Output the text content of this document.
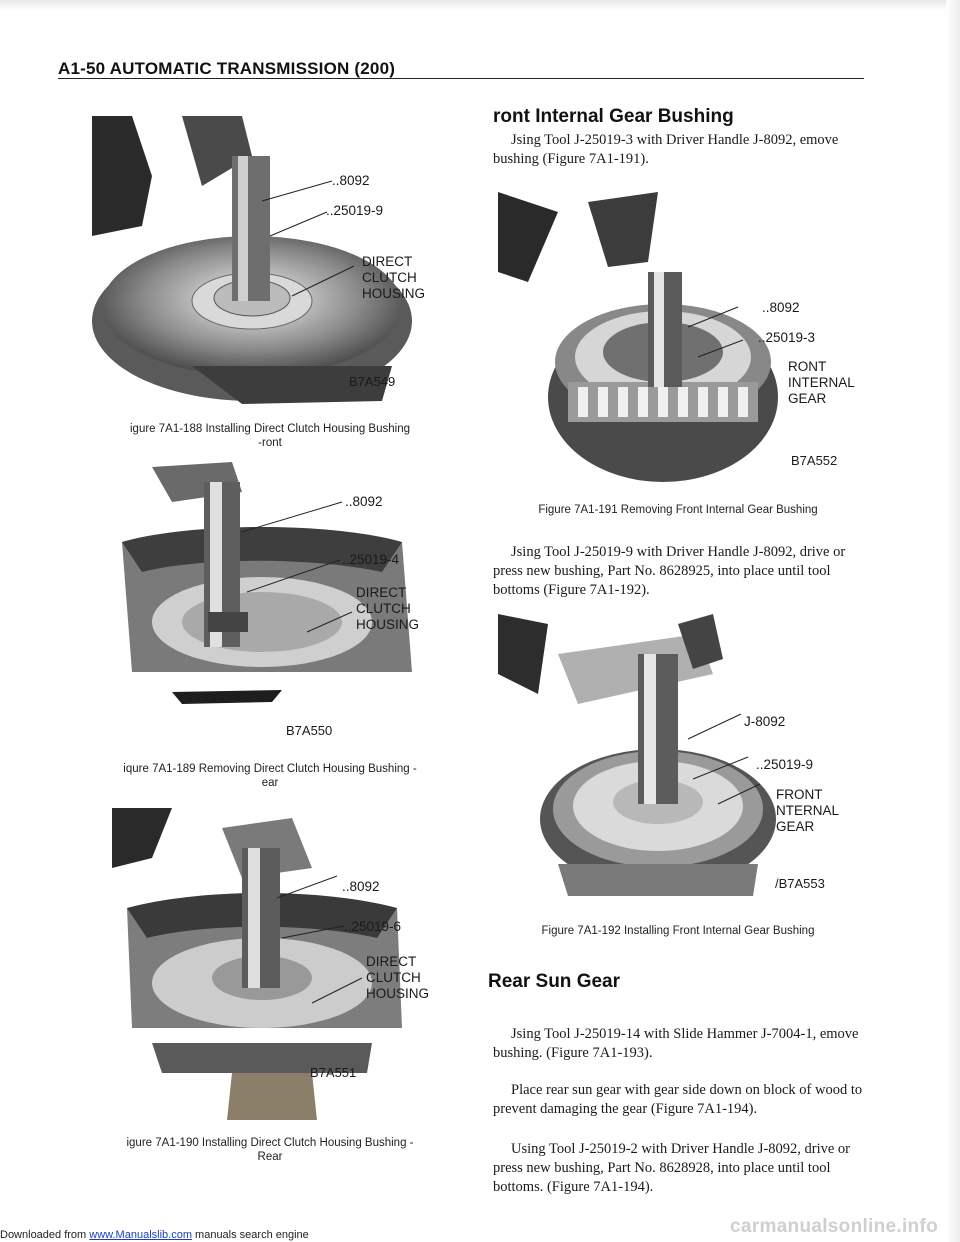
A1-50 AUTOMATIC TRANSMISSION (200)
..8092
..25019-9
DIRECT
CLUTCH
HOUSING
B7A549
igure 7A1-188 Installing Direct Clutch Housing Bushing
-ront
..8092
..25019-4
DIRECT
CLUTCH
HOUSING
B7A550
iqure 7A1-189 Removing Direct Clutch Housing Bushing -
ear
..8092
..25019-6
DIRECT
CLUTCH
HOUSING
B7A551
igure 7A1-190 Installing Direct Clutch Housing Bushing -
Rear
ront Internal Gear Bushing
Jsing Tool J-25019-3 with Driver Handle J-8092, emove bushing (Figure 7A1-191).
..8092
..25019-3
RONT
INTERNAL
GEAR
B7A552
Figure 7A1-191 Removing Front Internal Gear Bushing
Jsing Tool J-25019-9 with Driver Handle J-8092, drive or press new bushing, Part No. 8628925, into place until tool bottoms (Figure 7A1-192).
J-8092
..25019-9
FRONT
NTERNAL
GEAR
/B7A553
Figure 7A1-192 Installing Front Internal Gear Bushing
Rear Sun Gear
Jsing Tool J-25019-14 with Slide Hammer J-7004-1, emove bushing. (Figure 7A1-193).
Place rear sun gear with gear side down on block of wood to prevent damaging the gear (Figure 7A1-194).
Using Tool J-25019-2 with Driver Handle J-8092, drive or press new bushing, Part No. 8628928, into place until tool bottoms. (Figure 7A1-194).
Downloaded from www.Manualslib.com manuals search engine	carmanualsonline.info
